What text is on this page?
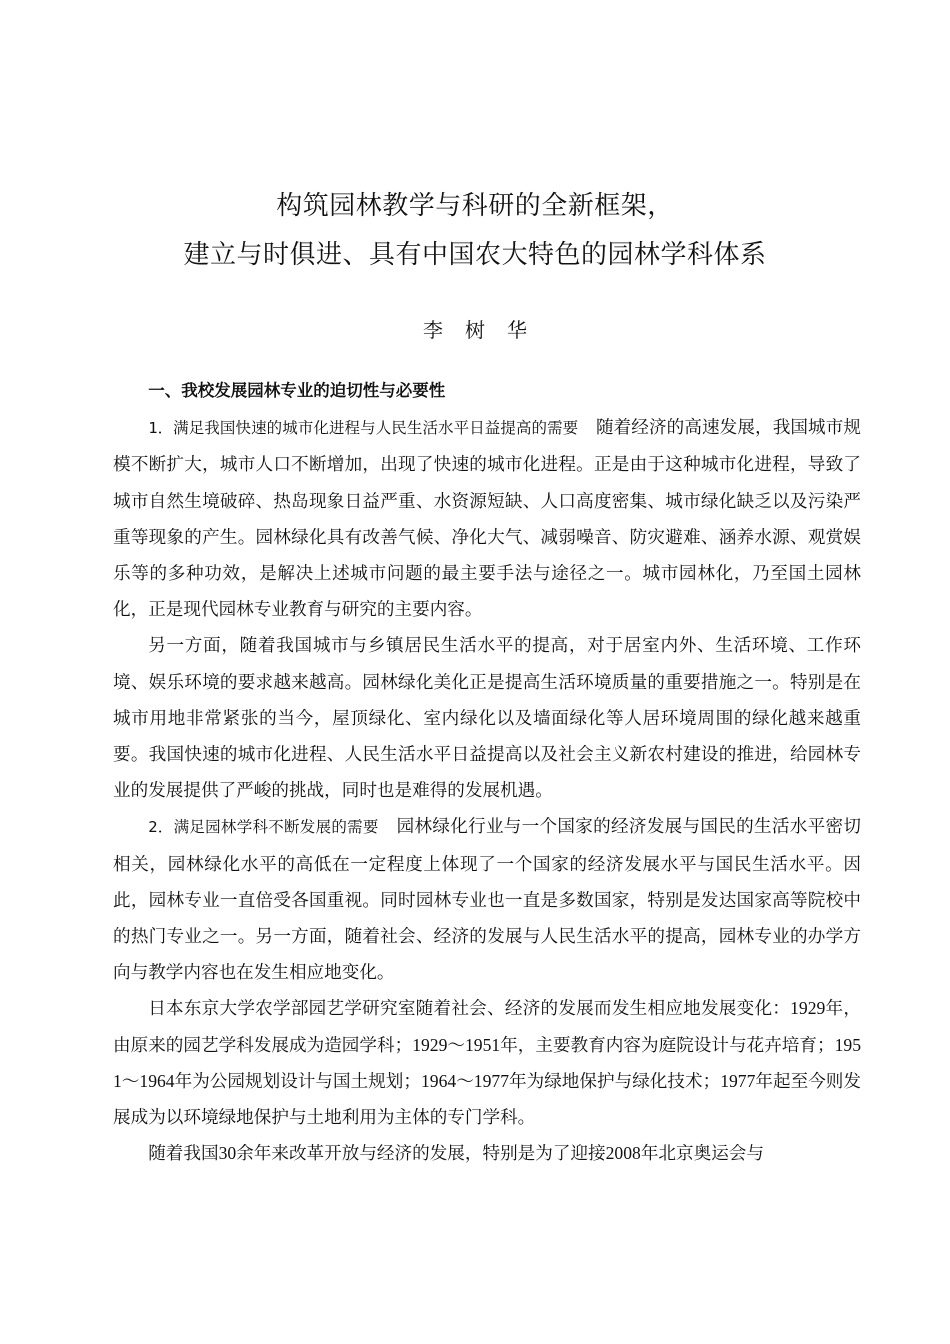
构筑园林教学与科研的全新框架，
建立与时俱进、具有中国农大特色的园林学科体系
李树华

一、我校发展园林专业的迫切性与必要性

1．满足我国快速的城市化进程与人民生活水平日益提高的需要　 随着经济的高速发展，我国城市规模不断扩大，城市人口不断增加，出现了快速的城市化进程。正是由于这种城市化进程，导致了城市自然生境破碎、热岛现象日益严重、水资源短缺、人口高度密集、城市绿化缺乏以及污染严重等现象的产生。园林绿化具有改善气候、净化大气、减弱噪音、防灾避难、涵养水源、观赏娱乐等的多种功效，是解决上述城市问题的最主要手法与途径之一。城市园林化，乃至国土园林化，正是现代园林专业教育与研究的主要内容。

另一方面，随着我国城市与乡镇居民生活水平的提高，对于居室内外、生活环境、工作环境、娱乐环境的要求越来越高。园林绿化美化正是提高生活环境质量的重要措施之一。特别是在城市用地非常紧张的当今，屋顶绿化、室内绿化以及墙面绿化等人居环境周围的绿化越来越重要。我国快速的城市化进程、人民生活水平日益提高以及社会主义新农村建设的推进，给园林专业的发展提供了严峻的挑战，同时也是难得的发展机遇。

2．满足园林学科不断发展的需要　 园林绿化行业与一个国家的经济发展与国民的生活水平密切相关，园林绿化水平的高低在一定程度上体现了一个国家的经济发展水平与国民生活水平。因此，园林专业一直倍受各国重视。同时园林专业也一直是多数国家，特别是发达国家高等院校中的热门专业之一。另一方面，随着社会、经济的发展与人民生活水平的提高，园林专业的办学方向与教学内容也在发生相应地变化。

日本东京大学农学部园艺学研究室随着社会、经济的发展而发生相应地发展变化：1929年，由原来的园艺学科发展成为造园学科；1929～1951年，主要教育内容为庭院设计与花卉培育；1951～1964年为公园规划设计与国土规划；1964～1977年为绿地保护与绿化技术；1977年起至今则发展成为以环境绿地保护与土地利用为主体的专门学科。

随着我国30余年来改革开放与经济的发展，特别是为了迎接2008年北京奥运会与
